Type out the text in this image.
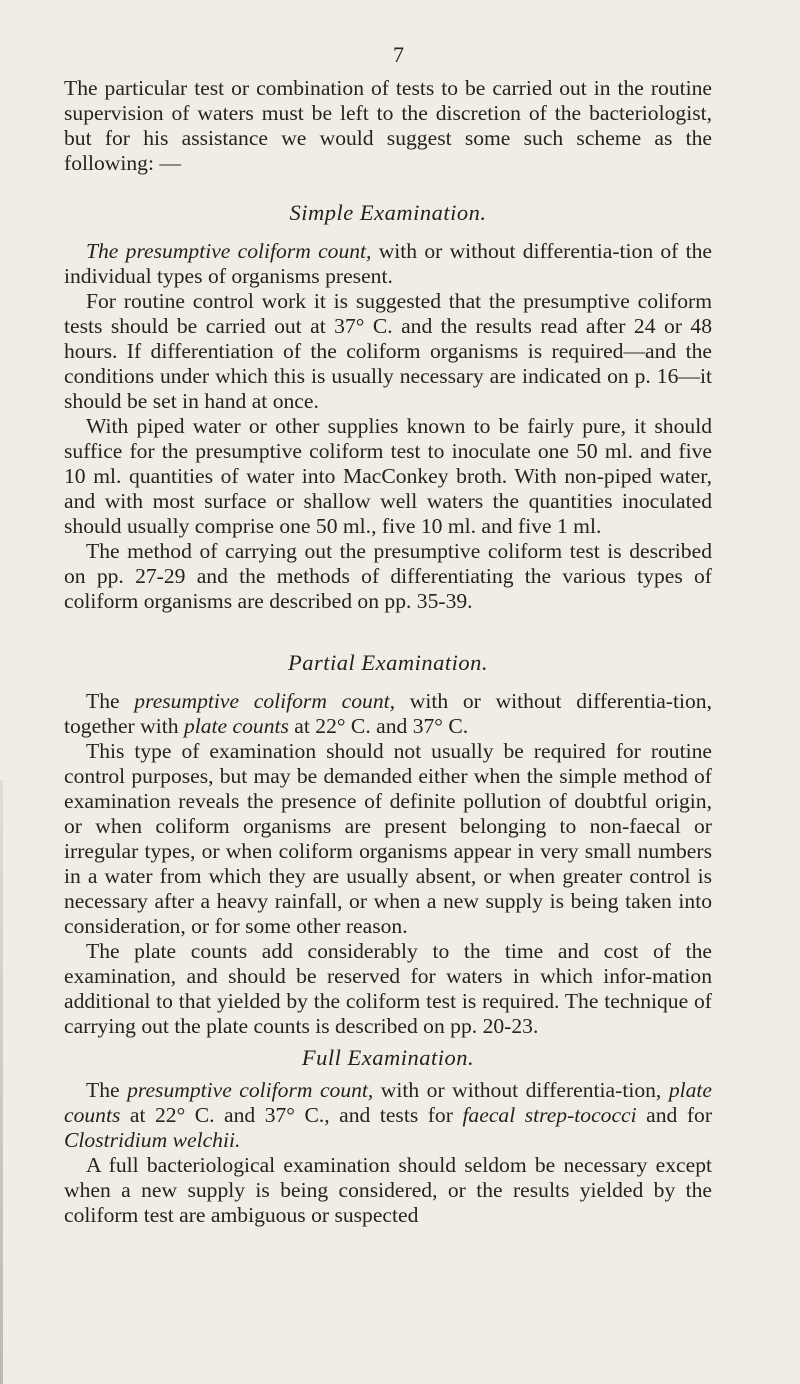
7

The particular test or combination of tests to be carried out in the routine supervision of waters must be left to the discretion of the bacteriologist, but for his assistance we would suggest some such scheme as the following: —

Simple Examination.

The presumptive coliform count, with or without differentia-tion of the individual types of organisms present.

For routine control work it is suggested that the presumptive coliform tests should be carried out at 37° C. and the results read after 24 or 48 hours. If differentiation of the coliform organisms is required—and the conditions under which this is usually necessary are indicated on p. 16—it should be set in hand at once.

With piped water or other supplies known to be fairly pure, it should suffice for the presumptive coliform test to inoculate one 50 ml. and five 10 ml. quantities of water into MacConkey broth. With non-piped water, and with most surface or shallow well waters the quantities inoculated should usually comprise one 50 ml., five 10 ml. and five 1 ml.

The method of carrying out the presumptive coliform test is described on pp. 27-29 and the methods of differentiating the various types of coliform organisms are described on pp. 35-39.

Partial Examination.

The presumptive coliform count, with or without differentia-tion, together with plate counts at 22° C. and 37° C.

This type of examination should not usually be required for routine control purposes, but may be demanded either when the simple method of examination reveals the presence of definite pollution of doubtful origin, or when coliform organisms are present belonging to non-faecal or irregular types, or when coliform organisms appear in very small numbers in a water from which they are usually absent, or when greater control is necessary after a heavy rainfall, or when a new supply is being taken into consideration, or for some other reason.

The plate counts add considerably to the time and cost of the examination, and should be reserved for waters in which infor-mation additional to that yielded by the coliform test is required. The technique of carrying out the plate counts is described on pp. 20-23.

Full Examination.

The presumptive coliform count, with or without differentia-tion, plate counts at 22° C. and 37° C., and tests for faecal strep-tococci and for Clostridium welchii.

A full bacteriological examination should seldom be necessary except when a new supply is being considered, or the results yielded by the coliform test are ambiguous or suspected
